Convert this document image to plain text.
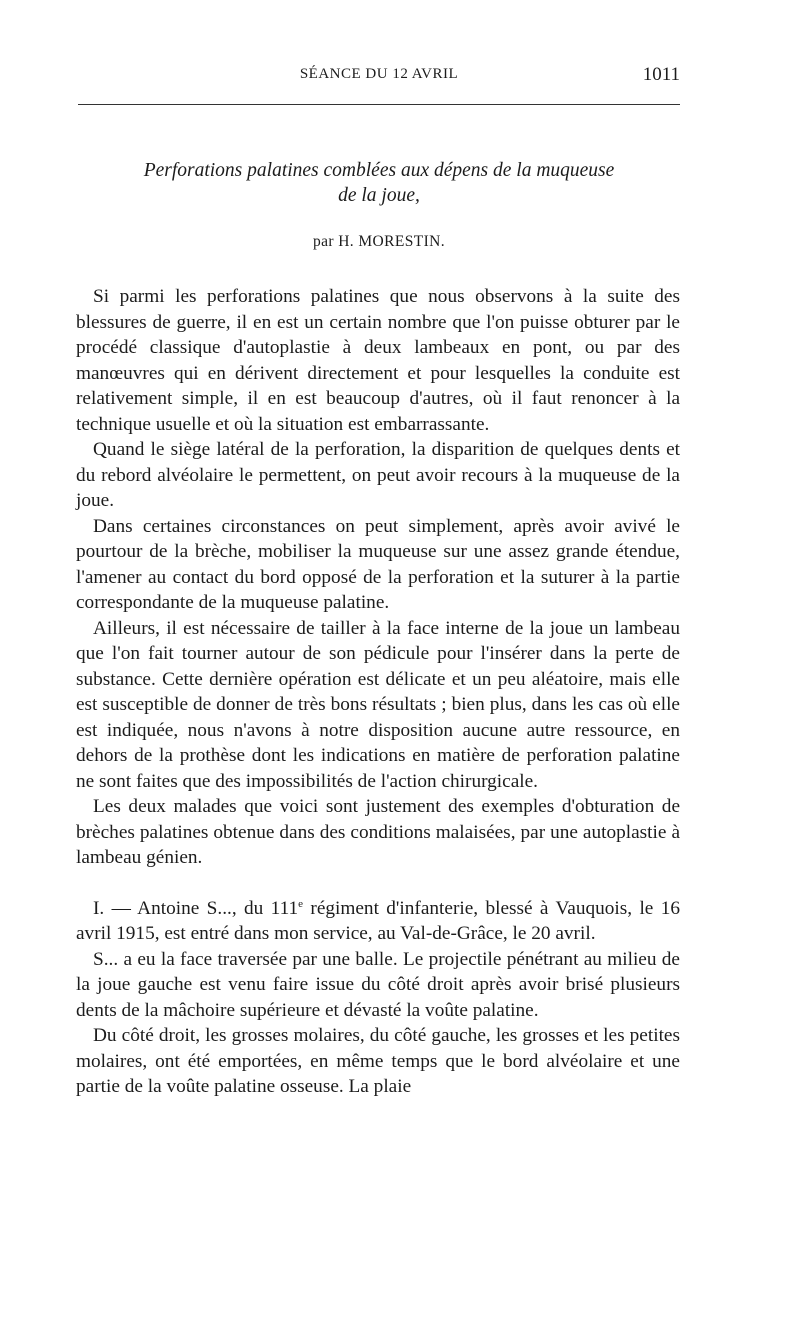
SÉANCE DU 12 AVRIL	1011
Perforations palatines comblées aux dépens de la muqueuse
de la joue,
par H. MORESTIN.

Si parmi les perforations palatines que nous observons à la suite des blessures de guerre, il en est un certain nombre que l'on puisse obturer par le procédé classique d'autoplastie à deux lambeaux en pont, ou par des manœuvres qui en dérivent directement et pour lesquelles la conduite est relativement simple, il en est beaucoup d'autres, où il faut renoncer à la technique usuelle et où la situation est embarrassante.

Quand le siège latéral de la perforation, la disparition de quelques dents et du rebord alvéolaire le permettent, on peut avoir recours à la muqueuse de la joue.

Dans certaines circonstances on peut simplement, après avoir avivé le pourtour de la brèche, mobiliser la muqueuse sur une assez grande étendue, l'amener au contact du bord opposé de la perforation et la suturer à la partie correspondante de la muqueuse palatine.

Ailleurs, il est nécessaire de tailler à la face interne de la joue un lambeau que l'on fait tourner autour de son pédicule pour l'insérer dans la perte de substance. Cette dernière opération est délicate et un peu aléatoire, mais elle est susceptible de donner de très bons résultats ; bien plus, dans les cas où elle est indiquée, nous n'avons à notre disposition aucune autre ressource, en dehors de la prothèse dont les indications en matière de perforation palatine ne sont faites que des impossibilités de l'action chirurgicale.

Les deux malades que voici sont justement des exemples d'obturation de brèches palatines obtenue dans des conditions malaisées, par une autoplastie à lambeau génien.

I. — Antoine S..., du 111e régiment d'infanterie, blessé à Vauquois, le 16 avril 1915, est entré dans mon service, au Val-de-Grâce, le 20 avril.

S... a eu la face traversée par une balle. Le projectile pénétrant au milieu de la joue gauche est venu faire issue du côté droit après avoir brisé plusieurs dents de la mâchoire supérieure et dévasté la voûte palatine.

Du côté droit, les grosses molaires, du côté gauche, les grosses et les petites molaires, ont été emportées, en même temps que le bord alvéolaire et une partie de la voûte palatine osseuse. La plaie
